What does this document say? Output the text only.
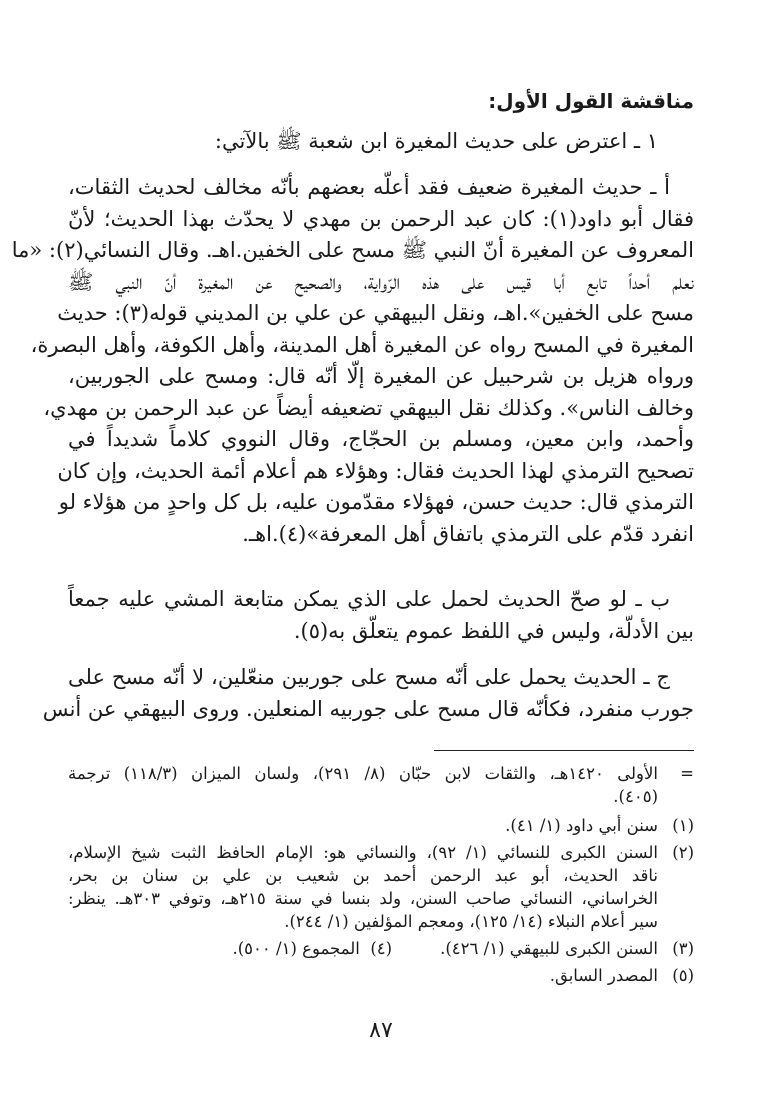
مناقشة القول الأول:
١ ـ اعترض على حديث المغيرة ابن شعبة ﷺ بالآتي:
أ ـ حديث المغيرة ضعيف فقد أعلّه بعضهم بأنّه مخالف لحديث الثقات،
فقال أبو داود(١): كان عبد الرحمن بن مهدي لا يحدّث بهذا الحديث؛ لأنّ
المعروف عن المغيرة أنّ النبي ﷺ مسح على الخفين.اهـ. وقال النسائي(٢): «ما
نعلم أحداً تابع أبا قيس على هذه الرّواية، والصحيح عن المغيرة أنّ النبي ﷺ
مسح على الخفين».اهـ، ونقل البيهقي عن علي بن المديني قوله(٣): حديث
المغيرة في المسح رواه عن المغيرة أهل المدينة، وأهل الكوفة، وأهل البصرة،
ورواه هزيل بن شرحبيل عن المغيرة إلّا أنّه قال: ومسح على الجوربين،
وخالف الناس». وكذلك نقل البيهقي تضعيفه أيضاً عن عبد الرحمن بن مهدي،
وأحمد، وابن معين، ومسلم بن الحجّاج، وقال النووي كلاماً شديداً في
تصحيح الترمذي لهذا الحديث فقال: وهؤلاء هم أعلام أئمة الحديث، وإن كان
الترمذي قال: حديث حسن، فهؤلاء مقدّمون عليه، بل كل واحدٍ من هؤلاء لو
انفرد قدّم على الترمذي باتفاق أهل المعرفة»(٤).اهـ.
ب ـ لو صحّ الحديث لحمل على الذي يمكن متابعة المشي عليه جمعاً
بين الأدلّة، وليس في اللفظ عموم يتعلّق به(٥).
ج ـ الحديث يحمل على أنّه مسح على جوربين منعّلين، لا أنّه مسح على
جورب منفرد، فكأنّه قال مسح على جوربيه المنعلين. وروى البيهقي عن أنس
=
الأولى ١٤٢٠هـ، والثقات لابن حبّان (٨/ ٢٩١)، ولسان الميزان (١١٨/٣) ترجمة
(٤٠٥).
(١)
سنن أبي داود (١/ ٤١).
(٢)
السنن الكبرى للنسائي (١/ ٩٢)، والنسائي هو: الإمام الحافظ الثبت شيخ الإسلام،
ناقد الحديث، أبو عبد الرحمن أحمد بن شعيب بن علي بن سنان بن بحر،
الخراساني، النسائي صاحب السنن، ولد بنسا في سنة ٢١٥هـ، وتوفي ٣٠٣هـ. ينظر:
سير أعلام النبلاء (١٤/ ١٢٥)، ومعجم المؤلفين (١/ ٢٤٤).
(٣)
السنن الكبرى للبيهقي (١/ ٤٢٦).(٤)  المجموع (١/ ٥٠٠).
(٥)
المصدر السابق.
٨٧
